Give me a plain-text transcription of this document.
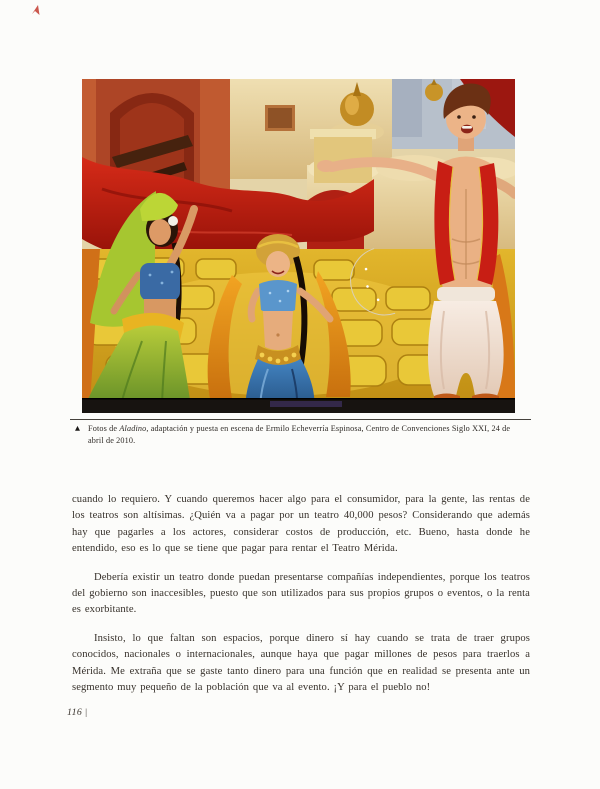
▲ Fotos de Aladino, adaptación y puesta en escena de Ermilo Echeverría Espinosa, Centro de Convenciones Siglo XXI, 24 de abril de 2010.

cuando lo requiero. Y cuando queremos hacer algo para el consumidor, para la gente, las rentas de los teatros son altísimas. ¿Quién va a pagar por un teatro 40,000 pesos? Considerando que además hay que pagarles a los actores, considerar costos de producción, etc. Bueno, hasta donde he entendido, eso es lo que se tiene que pagar para rentar el Teatro Mérida.

Debería existir un teatro donde puedan presentarse compañías independientes, porque los teatros del gobierno son inaccesibles, puesto que son utilizados para sus propios grupos o eventos, o la renta es exorbitante.

Insisto, lo que faltan son espacios, porque dinero sí hay cuando se trata de traer grupos conocidos, nacionales o internacionales, aunque haya que pagar millones de pesos para traerlos a Mérida. Me extraña que se gaste tanto dinero para una función que en realidad se presenta ante un segmento muy pequeño de la población que va al evento. ¡Y para el pueblo no!

116 |
